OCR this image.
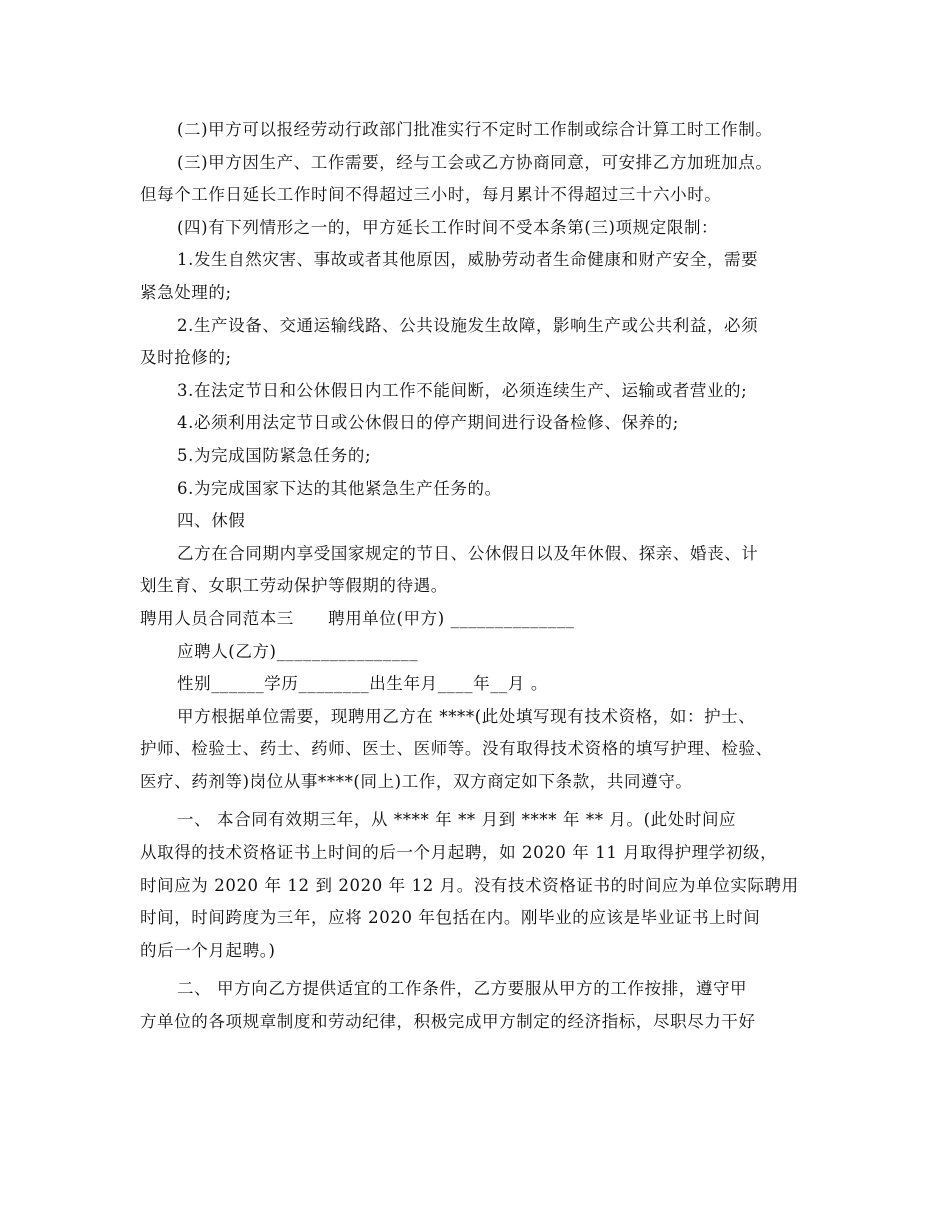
(二)甲方可以报经劳动行政部门批准实行不定时工作制或综合计算工时工作制。

(三)甲方因生产、工作需要，经与工会或乙方协商同意，可安排乙方加班加点。

但每个工作日延长工作时间不得超过三小时，每月累计不得超过三十六小时。

(四)有下列情形之一的，甲方延长工作时间不受本条第(三)项规定限制：

1.发生自然灾害、事故或者其他原因，威胁劳动者生命健康和财产安全，需要

紧急处理的;

2.生产设备、交通运输线路、公共设施发生故障，影响生产或公共利益，必须

及时抢修的;

3.在法定节日和公休假日内工作不能间断，必须连续生产、运输或者营业的;

4.必须利用法定节日或公休假日的停产期间进行设备检修、保养的;

5.为完成国防紧急任务的;

6.为完成国家下达的其他紧急生产任务的。

四、休假

乙方在合同期内享受国家规定的节日、公休假日以及年休假、探亲、婚丧、计

划生育、女职工劳动保护等假期的待遇。

聘用人员合同范本三　　聘用单位(甲方) ______________

应聘人(乙方)________________

性别______学历________出生年月____年__月 。

甲方根据单位需要，现聘用乙方在 ****(此处填写现有技术资格，如：护士、

护师、检验士、药士、药师、医士、医师等。没有取得技术资格的填写护理、检验、

医疗、药剂等)岗位从事****(同上)工作，双方商定如下条款，共同遵守。

一、 本合同有效期三年，从 **** 年 ** 月到 **** 年 ** 月。(此处时间应

从取得的技术资格证书上时间的后一个月起聘，如 2020 年 11 月取得护理学初级，

时间应为 2020 年 12 到 2020 年 12 月。没有技术资格证书的时间应为单位实际聘用

时间，时间跨度为三年，应将 2020 年包括在内。刚毕业的应该是毕业证书上时间

的后一个月起聘。)

二、 甲方向乙方提供适宜的工作条件，乙方要服从甲方的工作按排，遵守甲

方单位的各项规章制度和劳动纪律，积极完成甲方制定的经济指标，尽职尽力干好
